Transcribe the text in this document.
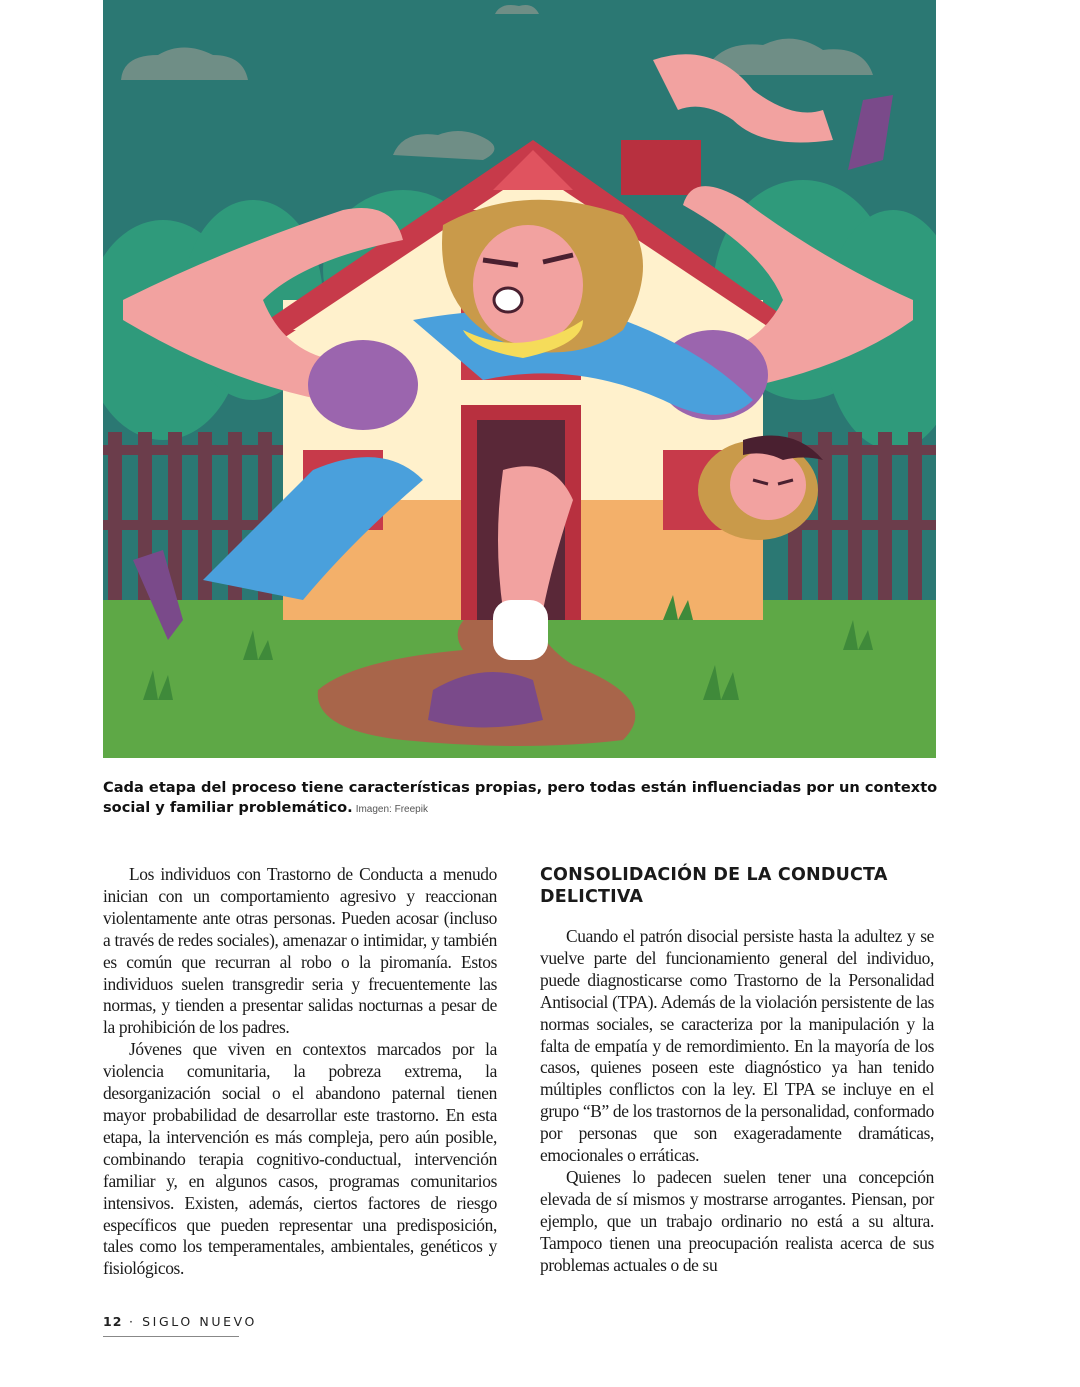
Cada etapa del proceso tiene características propias, pero todas están influenciadas por un contexto social y familiar problemático. Imagen: Freepik

Los individuos con Trastorno de Conducta a menudo inician con un comportamiento agresivo y reaccionan violentamente ante otras personas. Pueden acosar (incluso a través de redes sociales), amenazar o intimidar, y también es común que recurran al robo o la piromanía. Estos individuos suelen transgredir seria y frecuentemente las normas, y tienden a presentar salidas nocturnas a pesar de la prohibición de los padres.

Jóvenes que viven en contextos marcados por la violencia comunitaria, la pobreza extrema, la desorganización social o el abandono paternal tienen mayor probabilidad de desarrollar este trastorno. En esta etapa, la intervención es más compleja, pero aún posible, combinando terapia cognitivo-conductual, intervención familiar y, en algunos casos, programas comunitarios intensivos. Existen, además, ciertos factores de riesgo específicos que pueden representar una predisposición, tales como los temperamentales, ambientales, genéticos y fisiológicos.

CONSOLIDACIÓN DE LA CONDUCTA DELICTIVA

Cuando el patrón disocial persiste hasta la adultez y se vuelve parte del funcionamiento general del individuo, puede diagnosticarse como Trastorno de la Personalidad Antisocial (TPA). Además de la violación persistente de las normas sociales, se caracteriza por la manipulación y la falta de empatía y de remordimiento. En la mayoría de los casos, quienes poseen este diagnóstico ya han tenido múltiples conflictos con la ley. El TPA se incluye en el grupo “B” de los trastornos de la personalidad, conformado por personas que son exageradamente dramáticas, emocionales o erráticas.

Quienes lo padecen suelen tener una concepción elevada de sí mismos y mostrarse arrogantes. Piensan, por ejemplo, que un trabajo ordinario no está a su altura. Tampoco tienen una preocupación realista acerca de sus problemas actuales o de su

12 · SIGLO NUEVO
